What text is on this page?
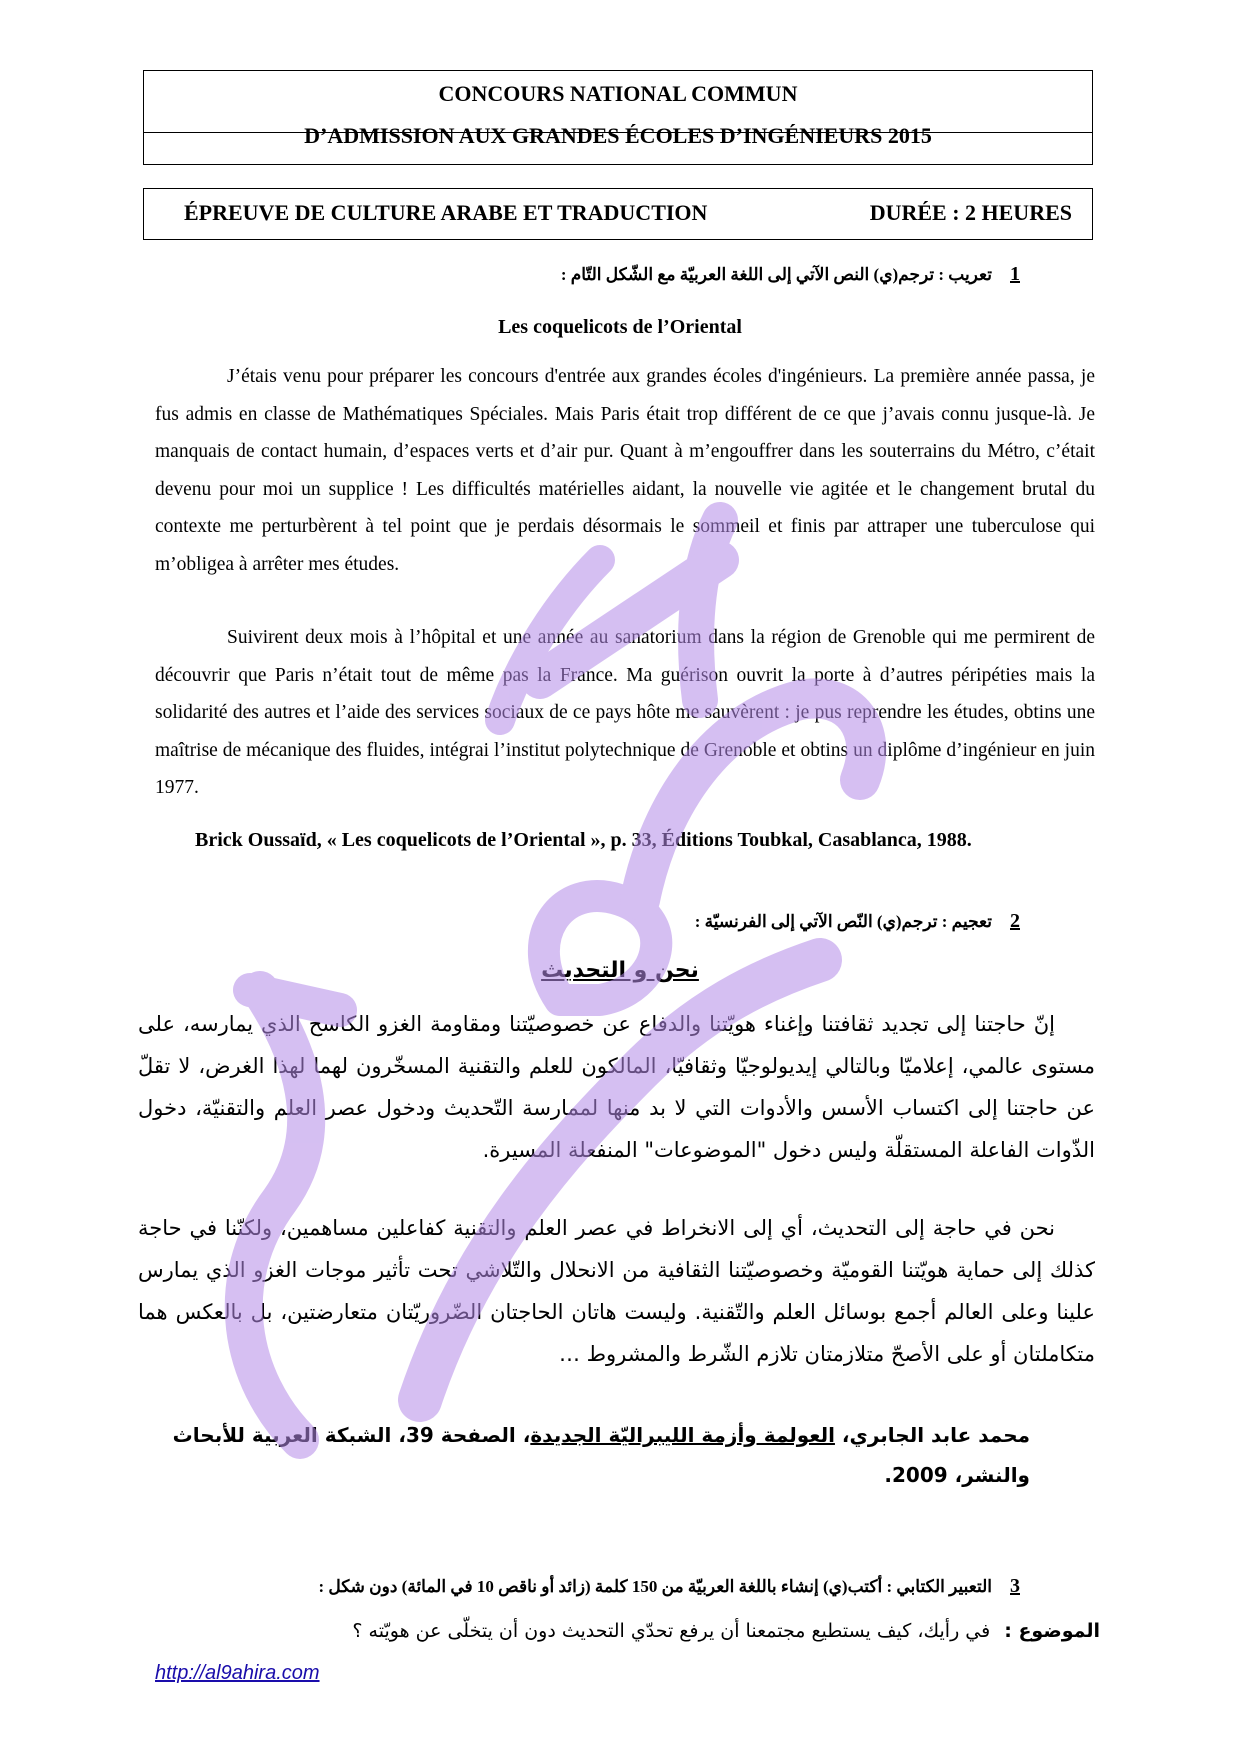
CONCOURS NATIONAL COMMUN
D’ADMISSION AUX GRANDES ÉCOLES D’INGÉNIEURS 2015
ÉPREUVE DE CULTURE ARABE ET TRADUCTION	DURÉE : 2 HEURES
1تعريب : ترجم(ي) النص الآتي إلى اللغة العربيّة مع الشّكل التّام :
Les coquelicots de l’Oriental
J’étais venu pour préparer les concours d'entrée aux grandes écoles d'ingénieurs. La première année passa, je fus admis en classe de Mathématiques Spéciales. Mais Paris était trop différent de ce que j’avais connu jusque-là. Je manquais de contact humain, d’espaces verts et d’air pur. Quant à m’engouffrer dans les souterrains du Métro, c’était devenu pour moi un supplice ! Les difficultés matérielles aidant, la nouvelle vie agitée et le changement brutal du contexte me perturbèrent à tel point que je perdais désormais le sommeil et finis par attraper une tuberculose qui m’obligea à arrêter mes études.
Suivirent deux mois à l’hôpital et une année au sanatorium dans la région de Grenoble qui me permirent de découvrir que Paris n’était tout de même pas la France. Ma guérison ouvrit la porte à d’autres péripéties mais la solidarité des autres et l’aide des services sociaux de ce pays hôte me sauvèrent : je pus reprendre les études, obtins une maîtrise de mécanique des fluides, intégrai l’institut polytechnique de Grenoble et obtins un diplôme d’ingénieur en juin 1977.
Brick Oussaïd, « Les coquelicots de l’Oriental », p. 33, Éditions Toubkal, Casablanca, 1988.
2تعجيم : ترجم(ي) النّص الآتي إلى الفرنسيّة :
نحن و التحديث
إنّ حاجتنا إلى تجديد ثقافتنا وإغناء هويّتنا والدفاع عن خصوصيّتنا ومقاومة الغزو الكاسح الذي يمارسه، على مستوى عالمي، إعلاميّا وبالتالي إيديولوجيّا وثقافيّا، المالكون للعلم والتقنية المسخّرون لهما لهذا الغرض، لا تقلّ عن حاجتنا إلى اكتساب الأسس والأدوات التي لا بد منها لممارسة التّحديث ودخول عصر العلم والتقنيّة، دخول الذّوات الفاعلة المستقلّة وليس دخول "الموضوعات" المنفعلة المسيرة.
نحن في حاجة إلى التحديث، أي إلى الانخراط في عصر العلم والتقنية كفاعلين مساهمين، ولكنّنا في حاجة كذلك إلى حماية هويّتنا القوميّة وخصوصيّتنا الثقافية من الانحلال والتّلاشي تحت تأثير موجات الغزو الذي يمارس علينا وعلى العالم أجمع بوسائل العلم والتّقنية. وليست هاتان الحاجتان الضّروريّتان متعارضتين، بل بالعكس هما متكاملتان أو على الأصحّ متلازمتان تلازم الشّرط والمشروط …
محمد عابد الجابري، العولمة وأزمة الليبراليّة الجديدة، الصفحة 39، الشبكة العربية للأبحاث والنشر، 2009.
3التعبير الكتابي : أكتب(ي) إنشاء باللغة العربيّة من 150 كلمة (زائد أو ناقص 10 في المائة) دون شكل :
الموضوع :في رأيك، كيف يستطيع مجتمعنا أن يرفع تحدّي التحديث دون أن يتخلّى عن هويّته ؟
http://al9ahira.com
